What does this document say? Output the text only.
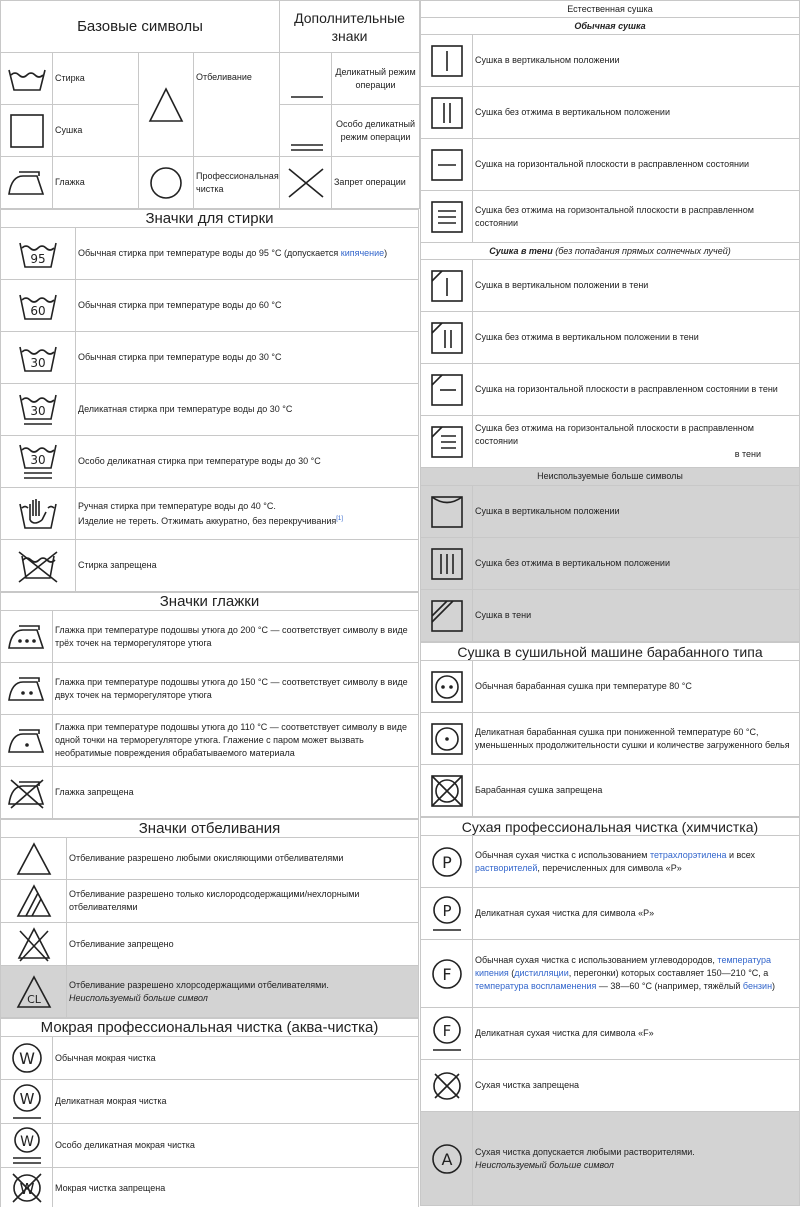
Базовые символы				Дополнительные знаки	

	Стирка		Отбеливание		Деликатный режим операции

	Сушка				Особо деликатный режим операции

	Глажка		Профессиональная чистка		Запрет операции
Значки для стирки	

95	Обычная стирка при температуре воды до 95 °C (допускается кипячение)

60	Обычная стирка при температуре воды до 60 °C

30	Обычная стирка при температуре воды до 30 °C

30	Деликатная стирка при температуре воды до 30 °C

30	Особо деликатная стирка при температуре воды до 30 °C

Ручная стирка при температуре воды до 40 °C.
Изделие не тереть. Отжимать аккуратно, без перекручивания[1]

	Стирка запрещена
Значки глажки	

	Глажка при температуре подошвы утюга до 200 °C — соответствует символу в виде трёх точек на терморегуляторе утюга

	Глажка при температуре подошвы утюга до 150 °C — соответствует символу в виде двух точек на терморегуляторе утюга

	Глажка при температуре подошвы утюга до 110 °C — соответствует символу в виде одной точки на терморегуляторе утюга. Глажение с паром может вызвать необратимые повреждения обрабатываемого материала

	Глажка запрещена
Значки отбеливания	

	Отбеливание разрешено любыми окисляющими отбеливателями

	Отбеливание разрешено только кислородсодержащими/нехлорными отбеливателями

	Отбеливание запрещено

CL	Отбеливание разрешено хлорсодержащими отбеливателями.
Неиспользуемый больше символ
Мокрая профессиональная чистка (аква-чистка)	

W	Обычная мокрая чистка

W	Деликатная мокрая чистка

W	Особо деликатная мокрая чистка

W	Мокрая чистка запрещена
Естественная сушка	
Обычная сушка	

	Сушка в вертикальном положении

	Сушка без отжима в вертикальном положении

	Сушка на горизонтальной плоскости в расправленном состоянии

	Сушка без отжима на горизонтальной плоскости в расправленном состоянии
Сушка в тени (без попадания прямых солнечных лучей)	

	Сушка в вертикальном положении в тени

	Сушка без отжима в вертикальном положении в тени

	Сушка на горизонтальной плоскости в расправленном состоянии в тени

Сушка без отжима на горизонтальной плоскости в расправленном состоянии
в тени

Неиспользуемые больше символы	

	Сушка в вертикальном положении

	Сушка без отжима в вертикальном положении

	Сушка в тени
Сушка в сушильной машине барабанного типа	

	Обычная барабанная сушка при температуре 80 °C

Деликатная барабанная сушка при пониженной температуре 60 °C,
уменьшенных продолжительности сушки и количестве загруженного белья

	Барабанная сушка запрещена
Сухая профессиональная чистка (химчистка)	

P	Обычная сухая чистка с использованием тетрахлорэтилена и всех растворителей, перечисленных для символа «P»

P	Деликатная сухая чистка для символа «P»

F	Обычная сухая чистка с использованием углеводородов, температура кипения (дистилляции, перегонки) которых составляет 150—210 °C, а температура воспламенения — 38—60 °C (например, тяжёлый бензин)

F	Деликатная сухая чистка для символа «F»

	Сухая чистка запрещена

A	Сухая чистка допускается любыми растворителями.
Неиспользуемый больше символ
